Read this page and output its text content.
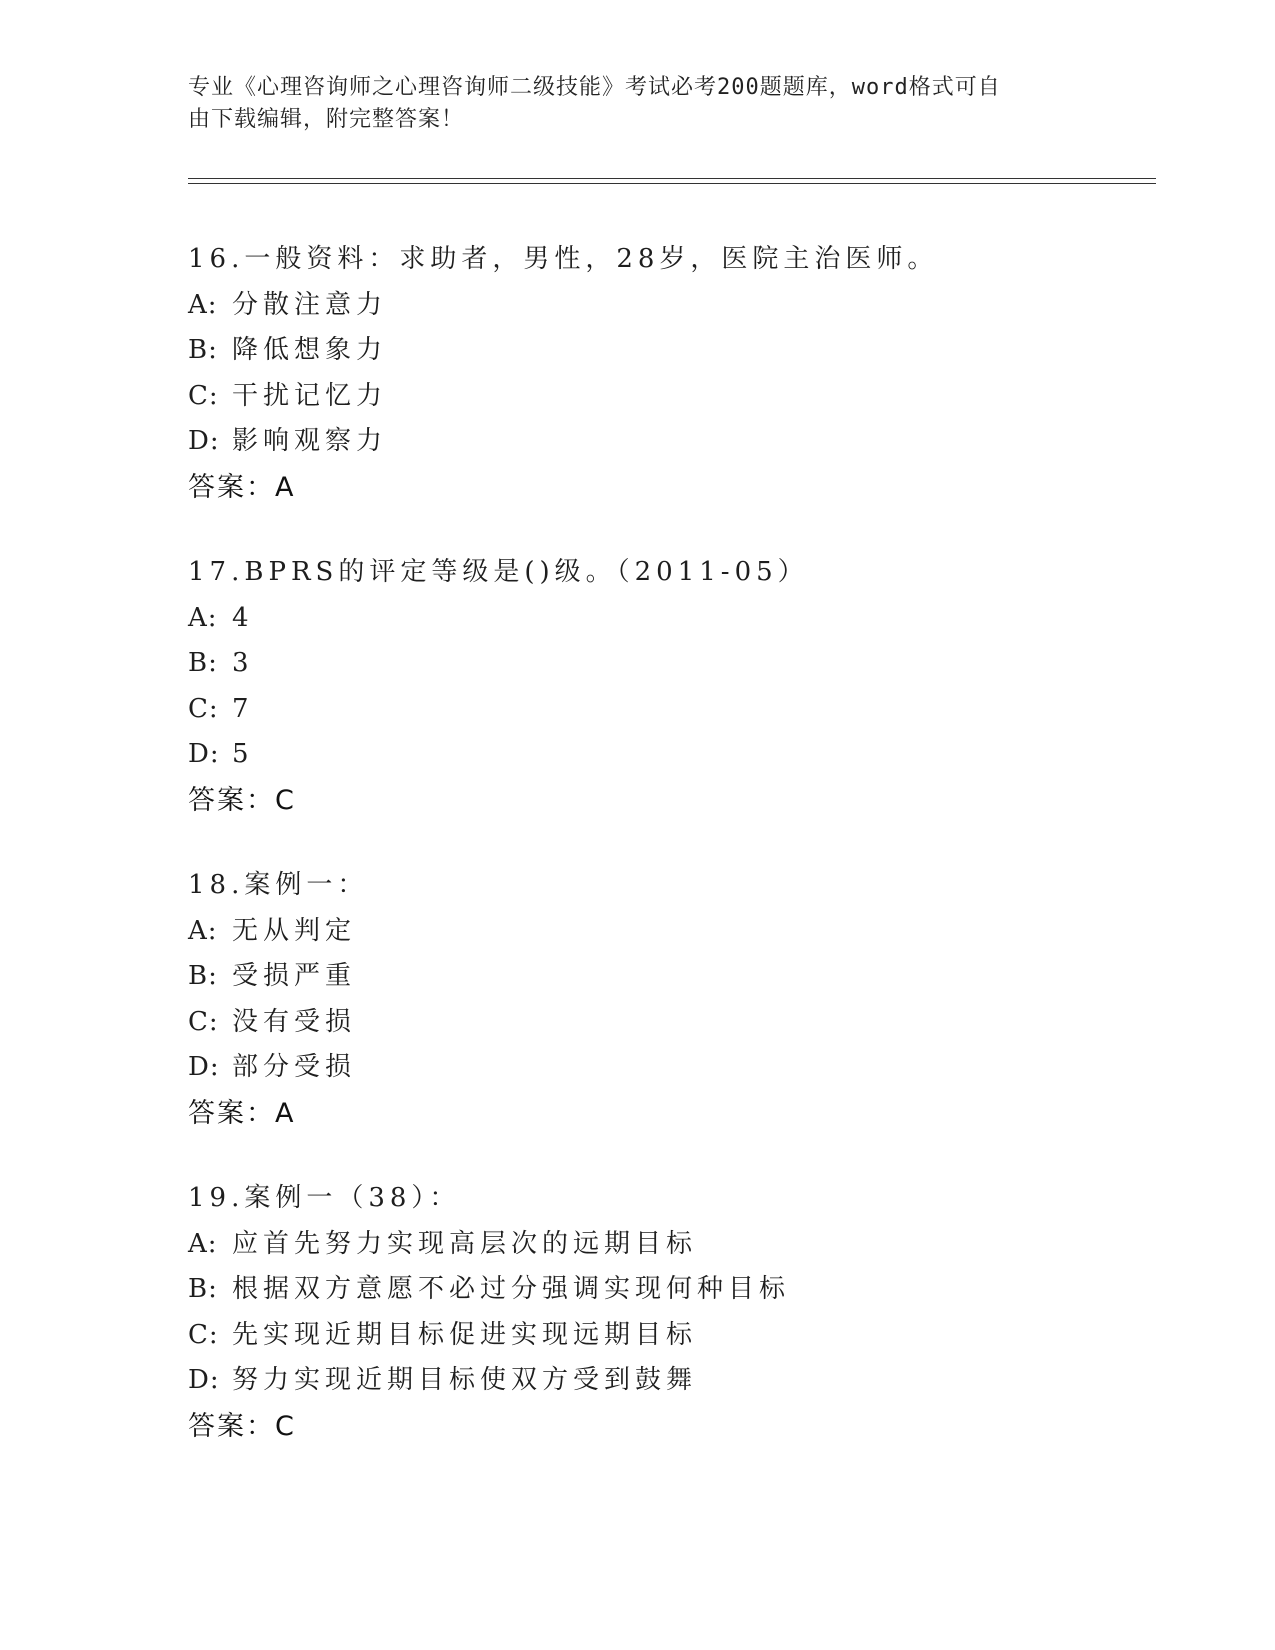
专业《心理咨询师之心理咨询师二级技能》考试必考200题题库，word格式可自
由下载编辑，附完整答案！
16.一般资料：求助者，男性，28岁，医院主治医师。
A: 分散注意力
B: 降低想象力
C: 干扰记忆力
D: 影响观察力
答案：A
17.BPRS的评定等级是()级。（2011-05）
A: 4
B: 3
C: 7
D: 5
答案：C
18.案例一：
A: 无从判定
B: 受损严重
C: 没有受损
D: 部分受损
答案：A
19.案例一（38）：
A: 应首先努力实现高层次的远期目标
B: 根据双方意愿不必过分强调实现何种目标
C: 先实现近期目标促进实现远期目标
D: 努力实现近期目标使双方受到鼓舞
答案：C
